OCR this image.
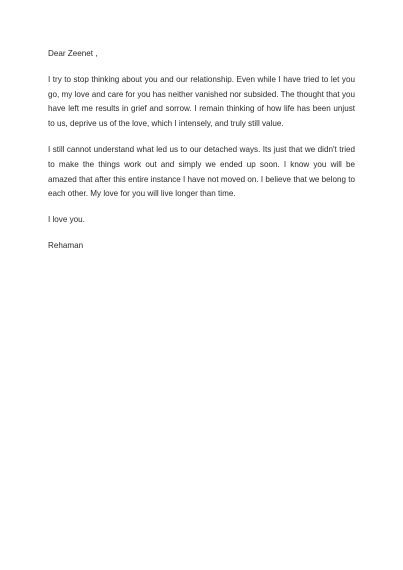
Dear Zeenet ,

I try to stop thinking about you and our relationship. Even while I have tried to let you go, my love and care for you has neither vanished nor subsided. The thought that you have left me results in grief and sorrow. I remain thinking of how life has been unjust to us, deprive us of the love, which I intensely, and truly still value.

I still cannot understand what led us to our detached ways. Its just that we didn't tried to make the things work out and simply we ended up soon. I know you will be amazed that after this entire instance I have not moved on. I believe that we belong to each other. My love for you will live longer than time.

I love you.

Rehaman
